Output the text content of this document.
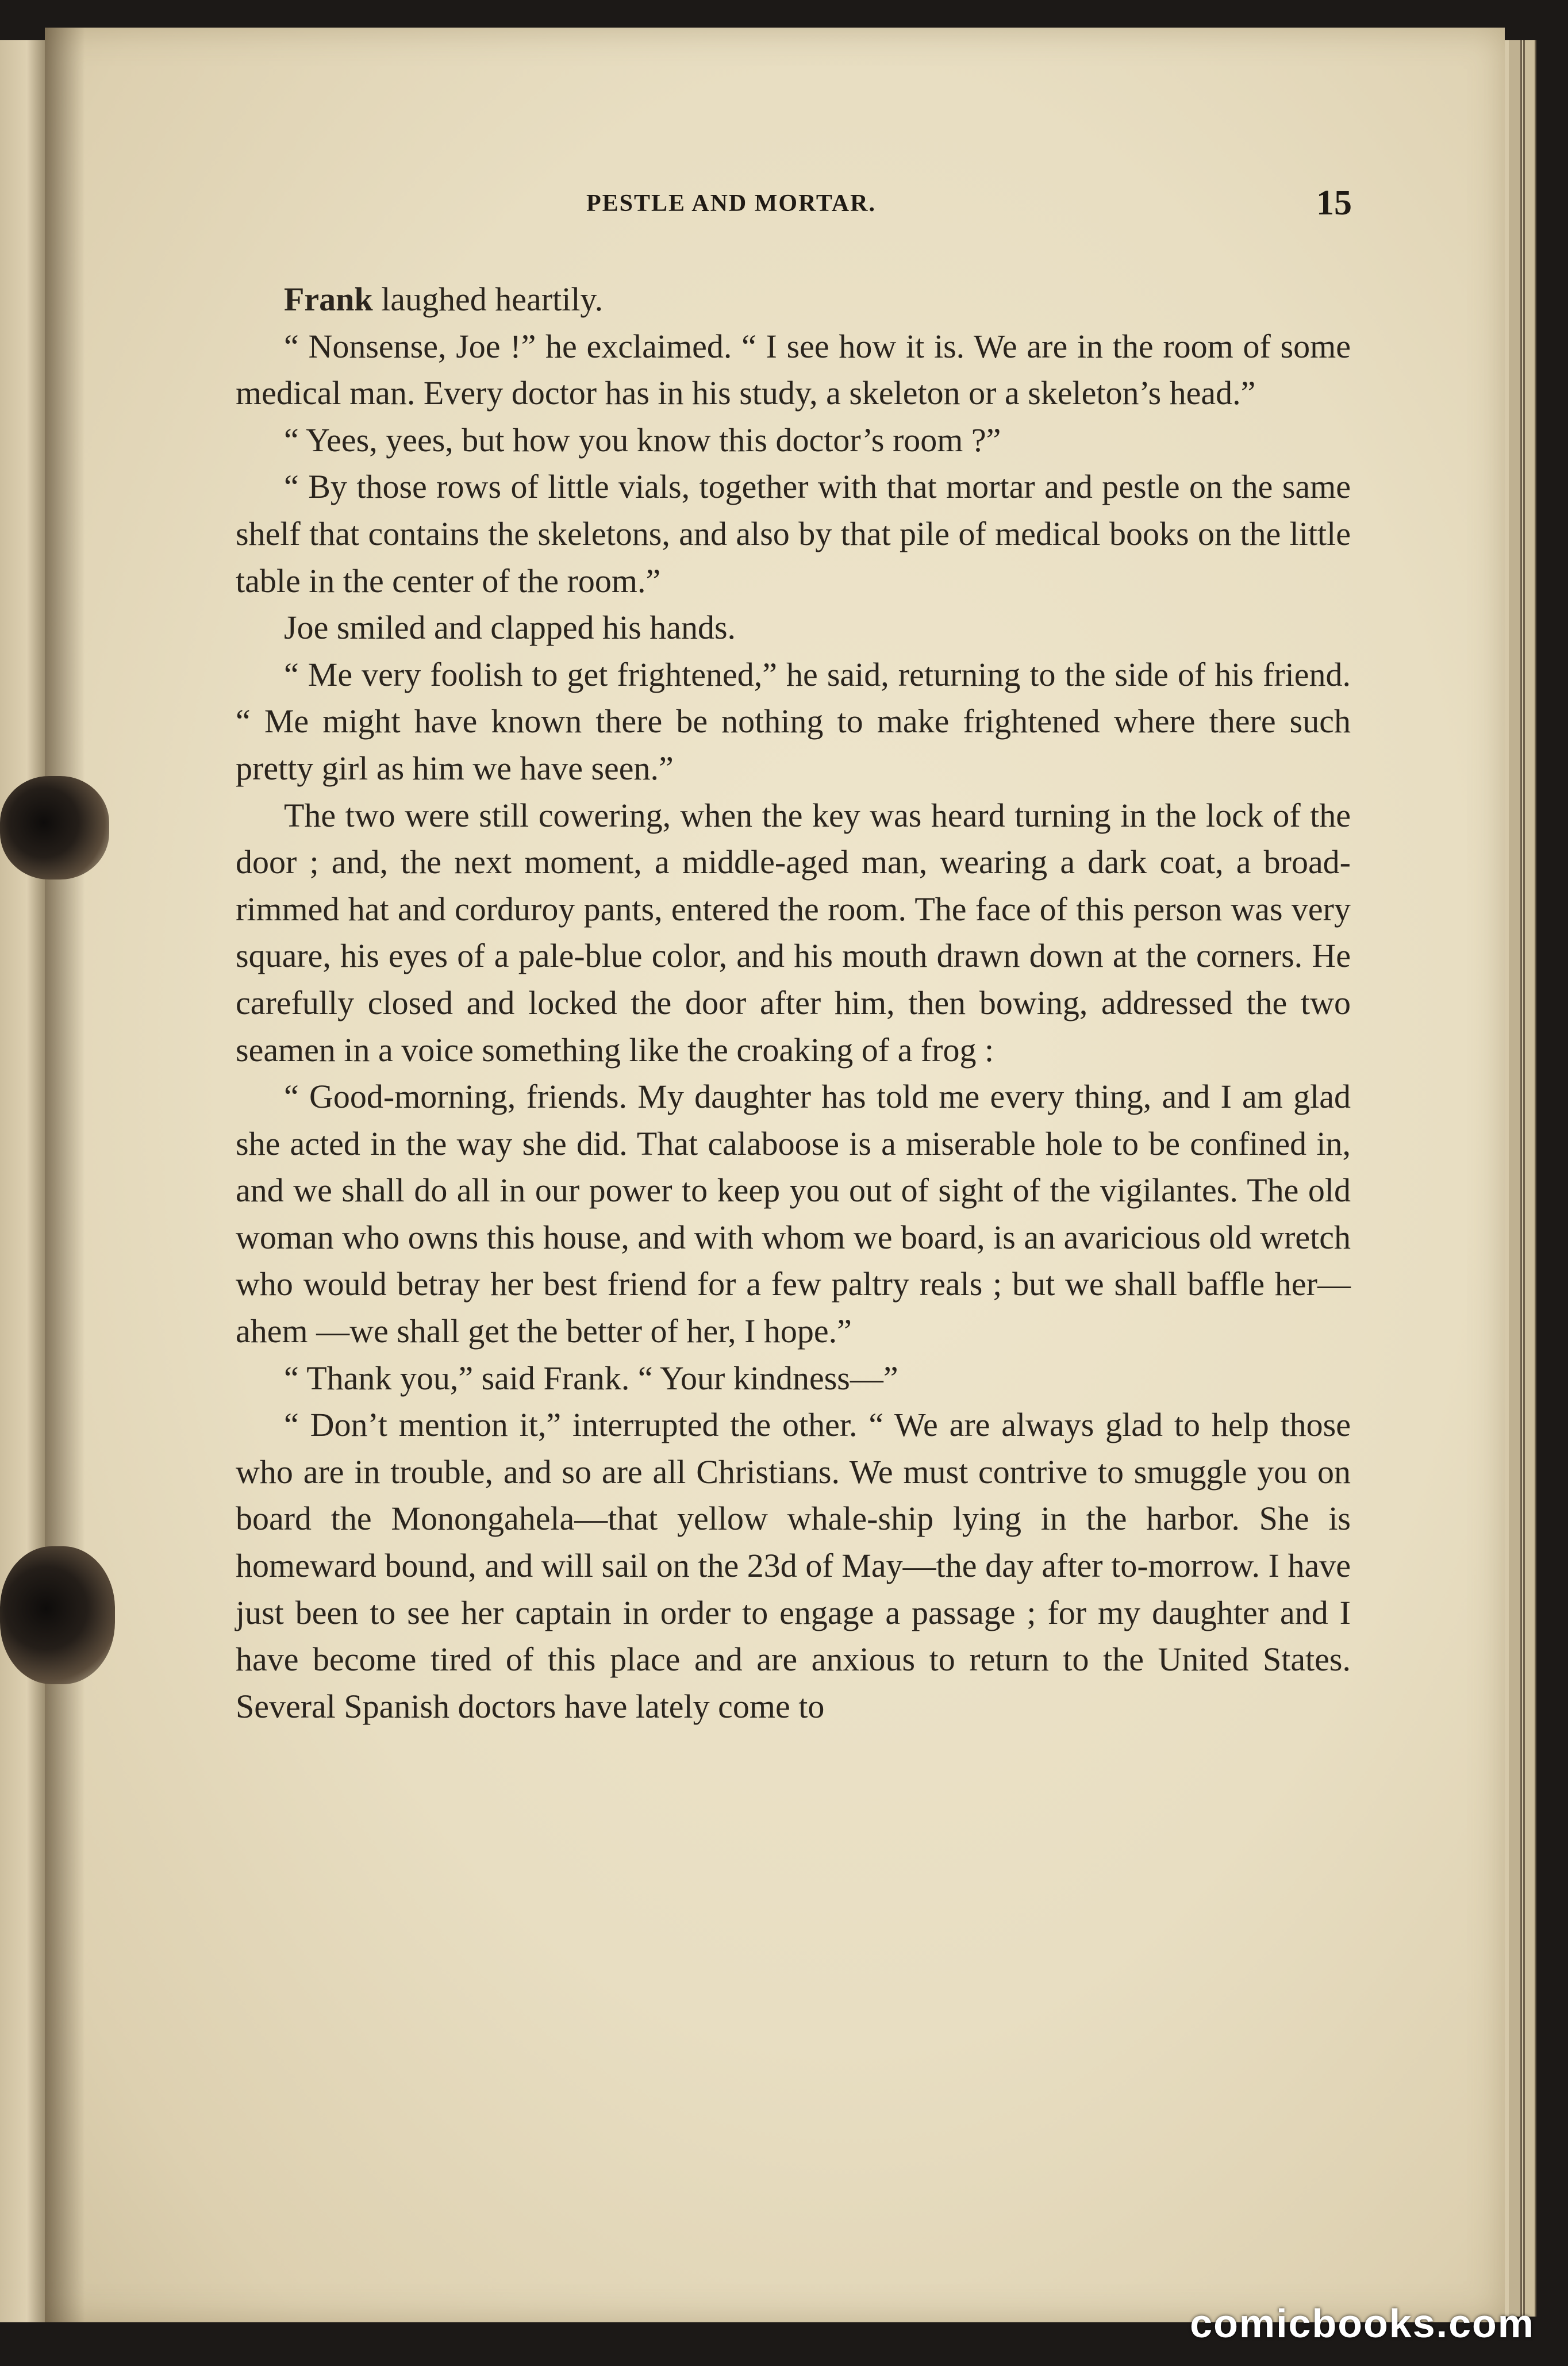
PESTLE AND MORTAR.	15

Frank laughed heartily.

“ Nonsense, Joe !” he exclaimed. “ I see how it is. We are in the room of some medical man. Every doctor has in his study, a skeleton or a skeleton’s head.”

“ Yees, yees, but how you know this doctor’s room ?”

“ By those rows of little vials, together with that mortar and pestle on the same shelf that contains the skeletons, and also by that pile of medical books on the little table in the center of the room.”

Joe smiled and clapped his hands.

“ Me very foolish to get frightened,” he said, returning to the side of his friend. “ Me might have known there be nothing to make frightened where there such pretty girl as him we have seen.”

The two were still cowering, when the key was heard turning in the lock of the door ; and, the next moment, a middle-aged man, wearing a dark coat, a broad-rimmed hat and corduroy pants, entered the room. The face of this person was very square, his eyes of a pale-blue color, and his mouth drawn down at the corners. He carefully closed and locked the door after him, then bowing, addressed the two seamen in a voice something like the croaking of a frog :

“ Good-morning, friends. My daughter has told me every thing, and I am glad she acted in the way she did. That calaboose is a miserable hole to be confined in, and we shall do all in our power to keep you out of sight of the vigilantes. The old woman who owns this house, and with whom we board, is an avaricious old wretch who would betray her best friend for a few paltry reals ; but we shall baffle her—ahem —we shall get the better of her, I hope.”

“ Thank you,” said Frank. “ Your kindness—”

“ Don’t mention it,” interrupted the other. “ We are always glad to help those who are in trouble, and so are all Christians. We must contrive to smuggle you on board the Monongahela—that yellow whale-ship lying in the harbor. She is homeward bound, and will sail on the 23d of May—the day after to-morrow. I have just been to see her captain in order to engage a passage ; for my daughter and I have become tired of this place and are anxious to return to the United States. Several Spanish doctors have lately come to

comicbooks.com
